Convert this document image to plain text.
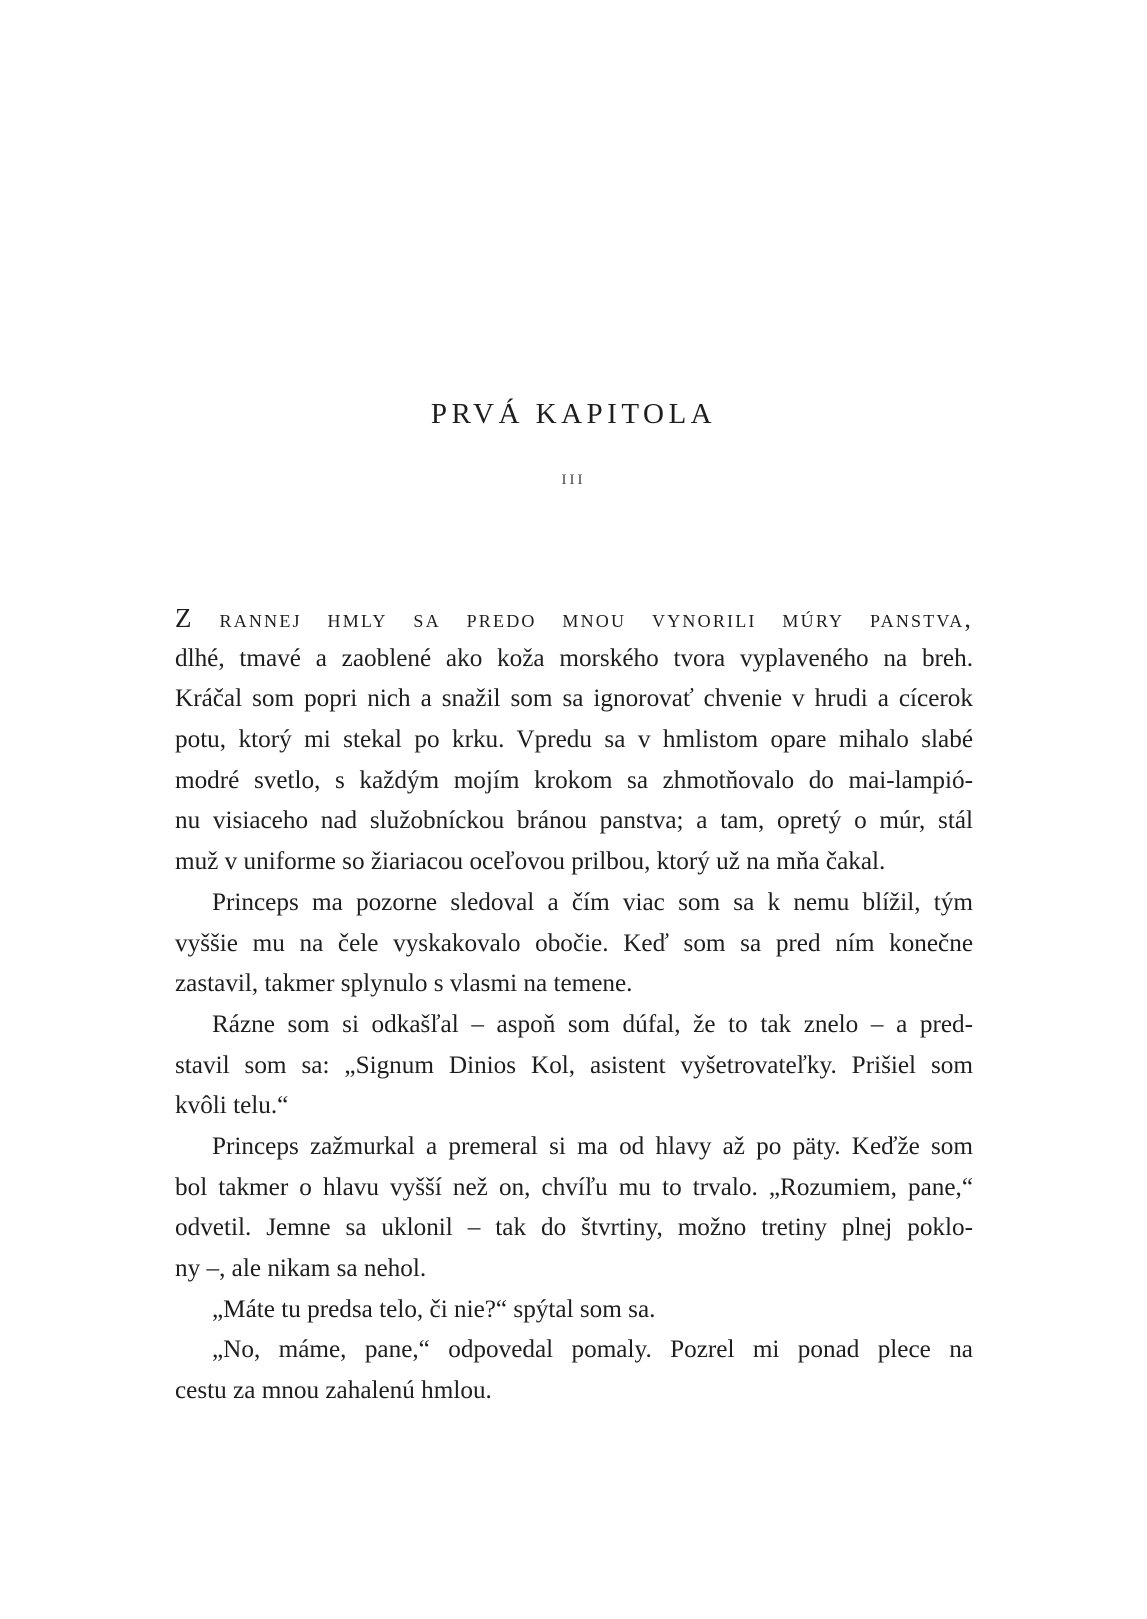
PRVÁ KAPITOLA
III
Z rannej hmly sa predo mnou vynorili múry panstva,
dlhé, tmavé a zaoblené ako koža morského tvora vyplaveného na breh.
Kráčal som popri nich a snažil som sa ignorovať chvenie v hrudi a cícerok
potu, ktorý mi stekal po krku. Vpredu sa v hmlistom opare mihalo slabé
modré svetlo, s každým mojím krokom sa zhmotňovalo do mai-lampió-
nu visiaceho nad služobníckou bránou panstva; a tam, opretý o múr, stál
muž v uniforme so žiariacou oceľovou prilbou, ktorý už na mňa čakal.
Princeps ma pozorne sledoval a čím viac som sa k nemu blížil, tým
vyššie mu na čele vyskakovalo obočie. Keď som sa pred ním konečne
zastavil, takmer splynulo s vlasmi na temene.
Rázne som si odkašľal – aspoň som dúfal, že to tak znelo – a pred-
stavil som sa: „Signum Dinios Kol, asistent vyšetrovateľky. Prišiel som
kvôli telu.“
Princeps zažmurkal a premeral si ma od hlavy až po päty. Keďže som
bol takmer o hlavu vyšší než on, chvíľu mu to trvalo. „Rozumiem, pane,“
odvetil. Jemne sa uklonil – tak do štvrtiny, možno tretiny plnej poklo-
ny –, ale nikam sa nehol.
„Máte tu predsa telo, či nie?“ spýtal som sa.
„No, máme, pane,“ odpovedal pomaly. Pozrel mi ponad plece na
cestu za mnou zahalenú hmlou.
